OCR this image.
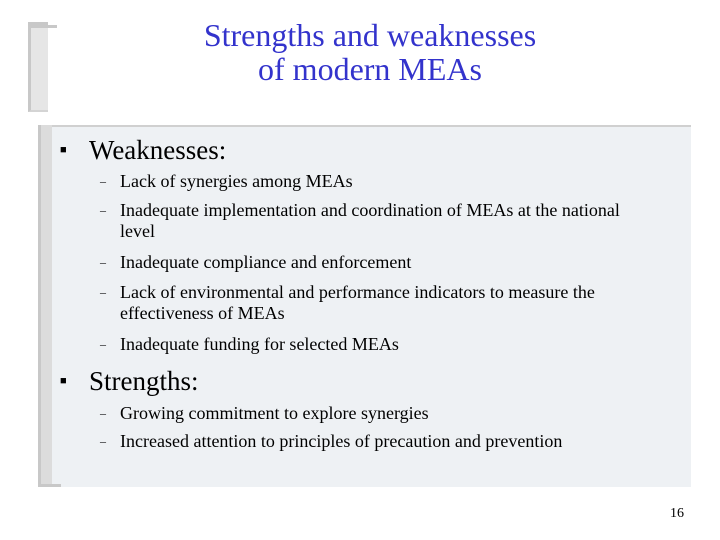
Strengths and weaknesses
of modern MEAs
■ Weaknesses:
– Lack of synergies among MEAs
– Inadequate implementation and coordination of MEAs at the national level
– Inadequate compliance and enforcement
– Lack of environmental and performance indicators to measure the effectiveness of MEAs
– Inadequate funding for selected MEAs
■ Strengths:
– Growing commitment to explore synergies
– Increased attention to principles of precaution and prevention
16
